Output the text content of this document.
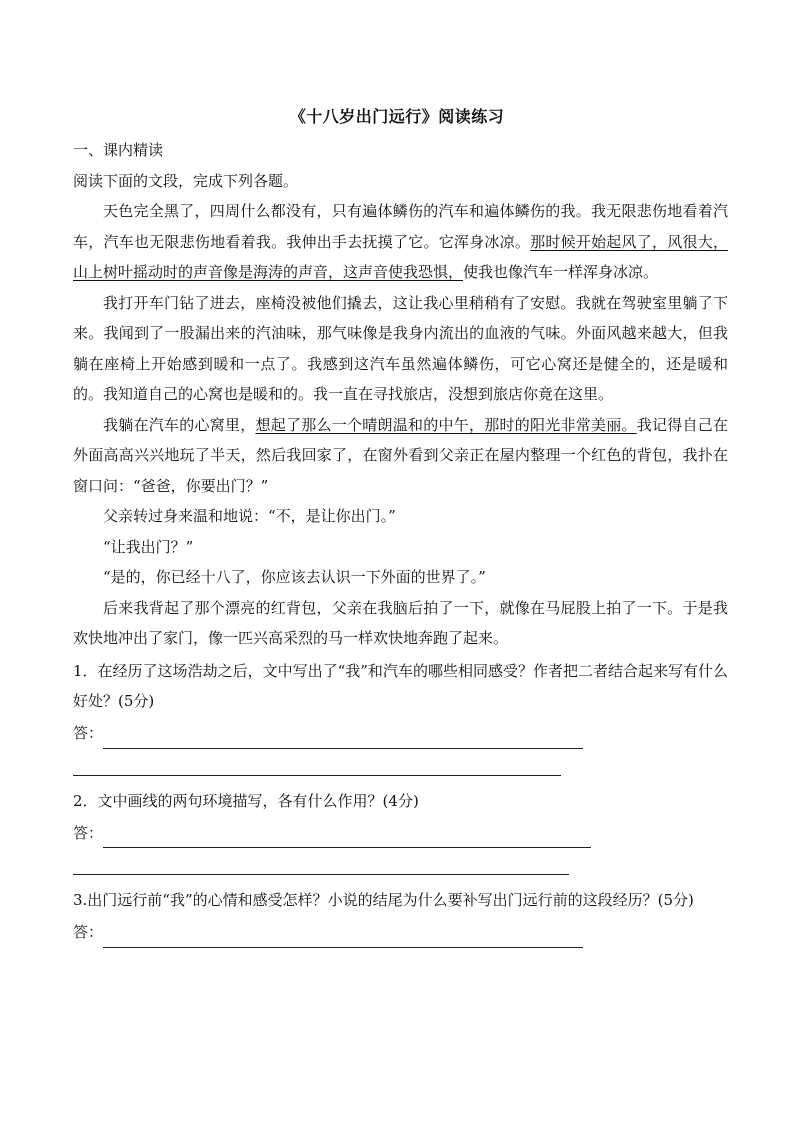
《十八岁出门远行》阅读练习
一、课内精读
阅读下面的文段，完成下列各题。
天色完全黑了，四周什么都没有，只有遍体鳞伤的汽车和遍体鳞伤的我。我无限悲伤地看着汽车，汽车也无限悲伤地看着我。我伸出手去抚摸了它。它浑身冰凉。那时候开始起风了，风很大，山上树叶摇动时的声音像是海涛的声音，这声音使我恐惧，使我也像汽车一样浑身冰凉。
我打开车门钻了进去，座椅没被他们撬去，这让我心里稍稍有了安慰。我就在驾驶室里躺了下来。我闻到了一股漏出来的汽油味，那气味像是我身内流出的血液的气味。外面风越来越大，但我躺在座椅上开始感到暖和一点了。我感到这汽车虽然遍体鳞伤，可它心窝还是健全的，还是暖和的。我知道自己的心窝也是暖和的。我一直在寻找旅店，没想到旅店你竟在这里。
我躺在汽车的心窝里，想起了那么一个晴朗温和的中午，那时的阳光非常美丽。我记得自己在外面高高兴兴地玩了半天，然后我回家了，在窗外看到父亲正在屋内整理一个红色的背包，我扑在窗口问：“爸爸，你要出门？”
父亲转过身来温和地说：“不，是让你出门。”
“让我出门？”
“是的，你已经十八了，你应该去认识一下外面的世界了。”
后来我背起了那个漂亮的红背包，父亲在我脑后拍了一下，就像在马屁股上拍了一下。于是我欢快地冲出了家门，像一匹兴高采烈的马一样欢快地奔跑了起来。
1．在经历了这场浩劫之后，文中写出了“我”和汽车的哪些相同感受？作者把二者结合起来写有什么好处？(5分)
答：
2．文中画线的两句环境描写，各有什么作用？(4分)
答：
3.出门远行前“我”的心情和感受怎样？小说的结尾为什么要补写出门远行前的这段经历？(5分)
答：
